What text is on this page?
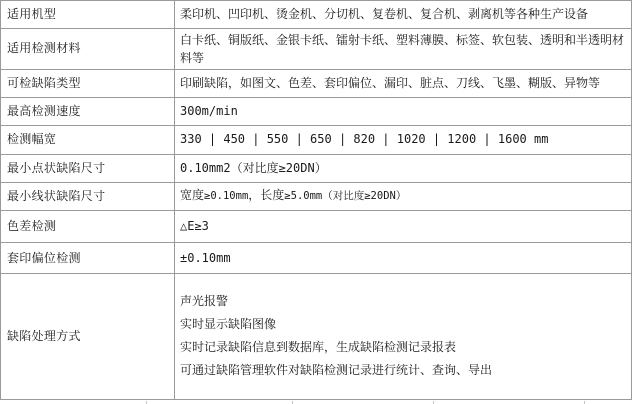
适用机型	柔印机、凹印机、烫金机、分切机、复卷机、复合机、剥离机等各种生产设备
适用检测材料	白卡纸、铜版纸、金银卡纸、镭射卡纸、塑料薄膜、标签、软包装、透明和半透明材料等
可检缺陷类型	印刷缺陷，如图文、色差、套印偏位、漏印、脏点、刀线、飞墨、糊版、异物等
最高检测速度	300m/min
检测幅宽	330 | 450 | 550 | 650 | 820 | 1020 | 1200 | 1600 mm
最小点状缺陷尺寸	0.10mm2（对比度≥20DN）
最小线状缺陷尺寸	宽度≥0.10mm，长度≥5.0mm（对比度≥20DN）
色差检测	△E≥3
套印偏位检测	±0.10mm
缺陷处理方式	声光报警
实时显示缺陷图像
实时记录缺陷信息到数据库，生成缺陷检测记录报表
可通过缺陷管理软件对缺陷检测记录进行统计、查询、导出
